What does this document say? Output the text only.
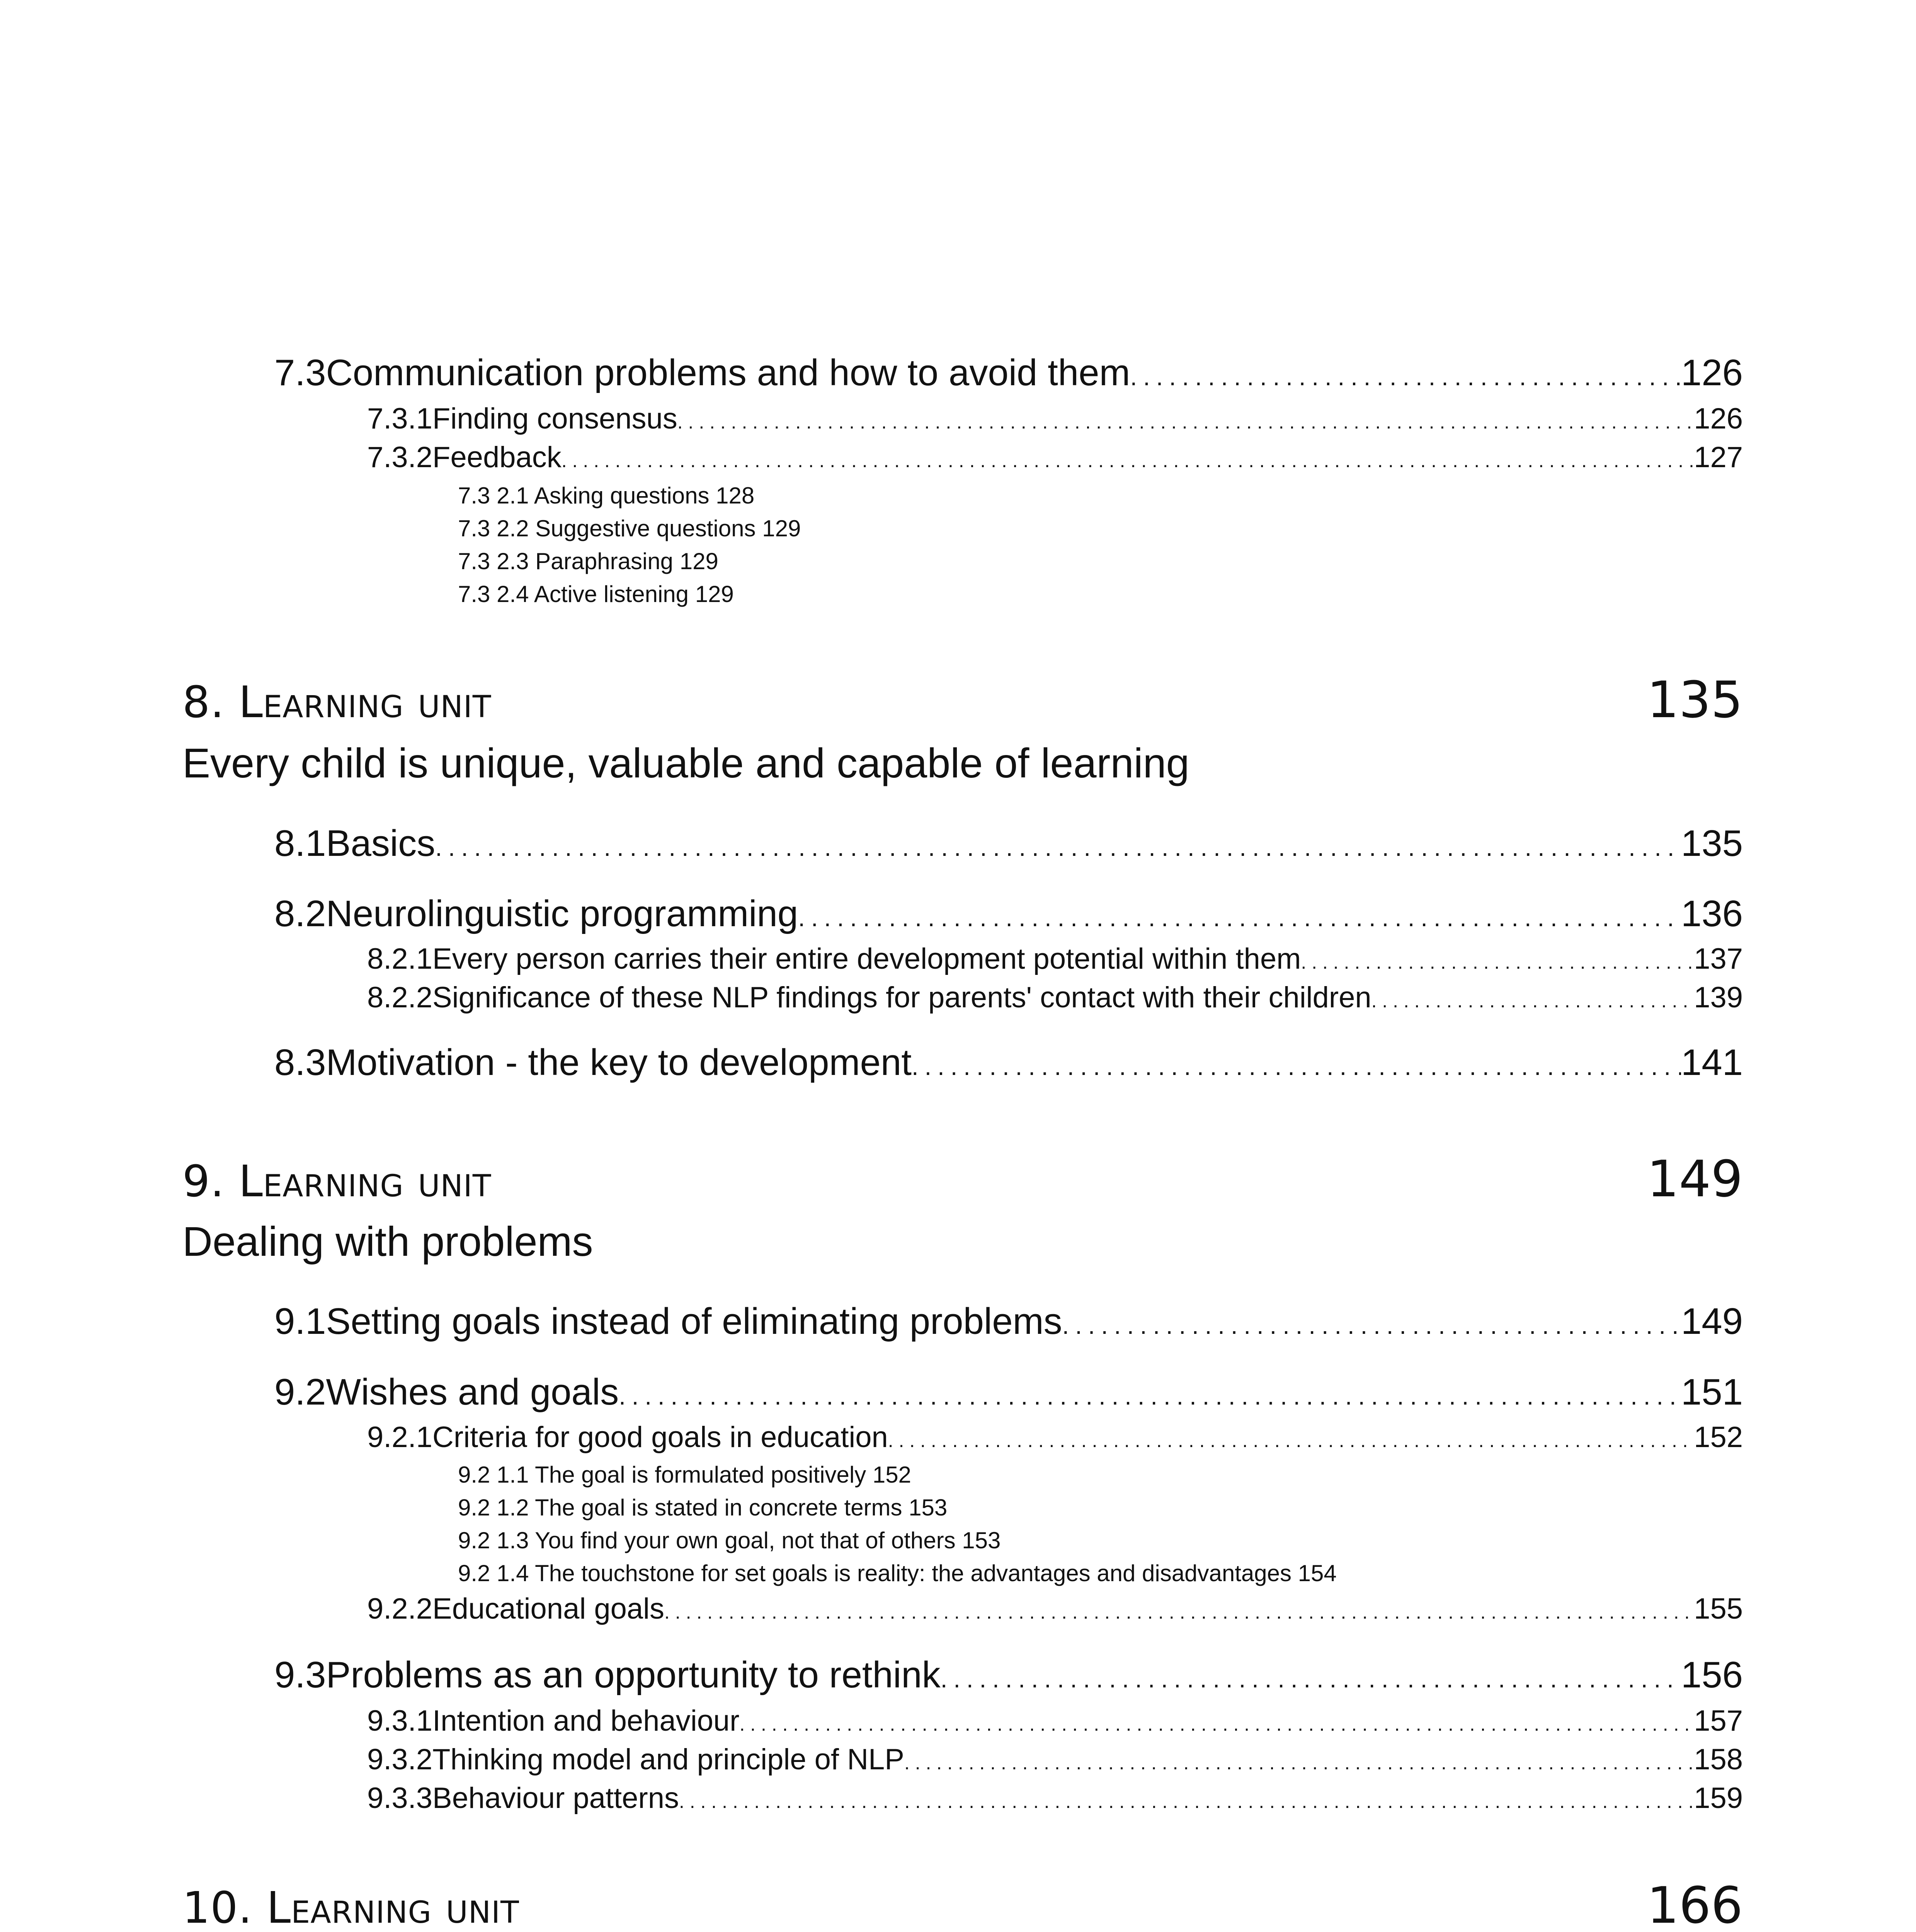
7.3 Communication problems and how to avoid them . . .	126
7.3.1 Finding consensus . . .	126
7.3.2 Feedback . . .	127
7.3 2.1 Asking questions 128
7.3 2.2 Suggestive questions 129
7.3 2.3 Paraphrasing 129
7.3 2.4 Active listening 129
8. Learning unit	135
Every child is unique, valuable and capable of learning
8.1 Basics . . .	135
8.2 Neurolinguistic programming . . .	136
8.2.1 Every person carries their entire development potential within them . . .	137
8.2.2 Significance of these NLP findings for parents' contact with their children . . .	139
8.3 Motivation - the key to development . . .	141
9. Learning unit	149
Dealing with problems
9.1 Setting goals instead of eliminating problems . . .	149
9.2 Wishes and goals . . .	151
9.2.1 Criteria for good goals in education . . .	152
9.2 1.1 The goal is formulated positively 152
9.2 1.2 The goal is stated in concrete terms 153
9.2 1.3 You find your own goal, not that of others 153
9.2 1.4 The touchstone for set goals is reality: the advantages and disadvantages 154
9.2.2 Educational goals . . .	155
9.3 Problems as an opportunity to rethink . . .	156
9.3.1 Intention and behaviour . . .	157
9.3.2 Thinking model and principle of NLP . . .	158
9.3.3 Behaviour patterns . . .	159
10. Learning unit	166
